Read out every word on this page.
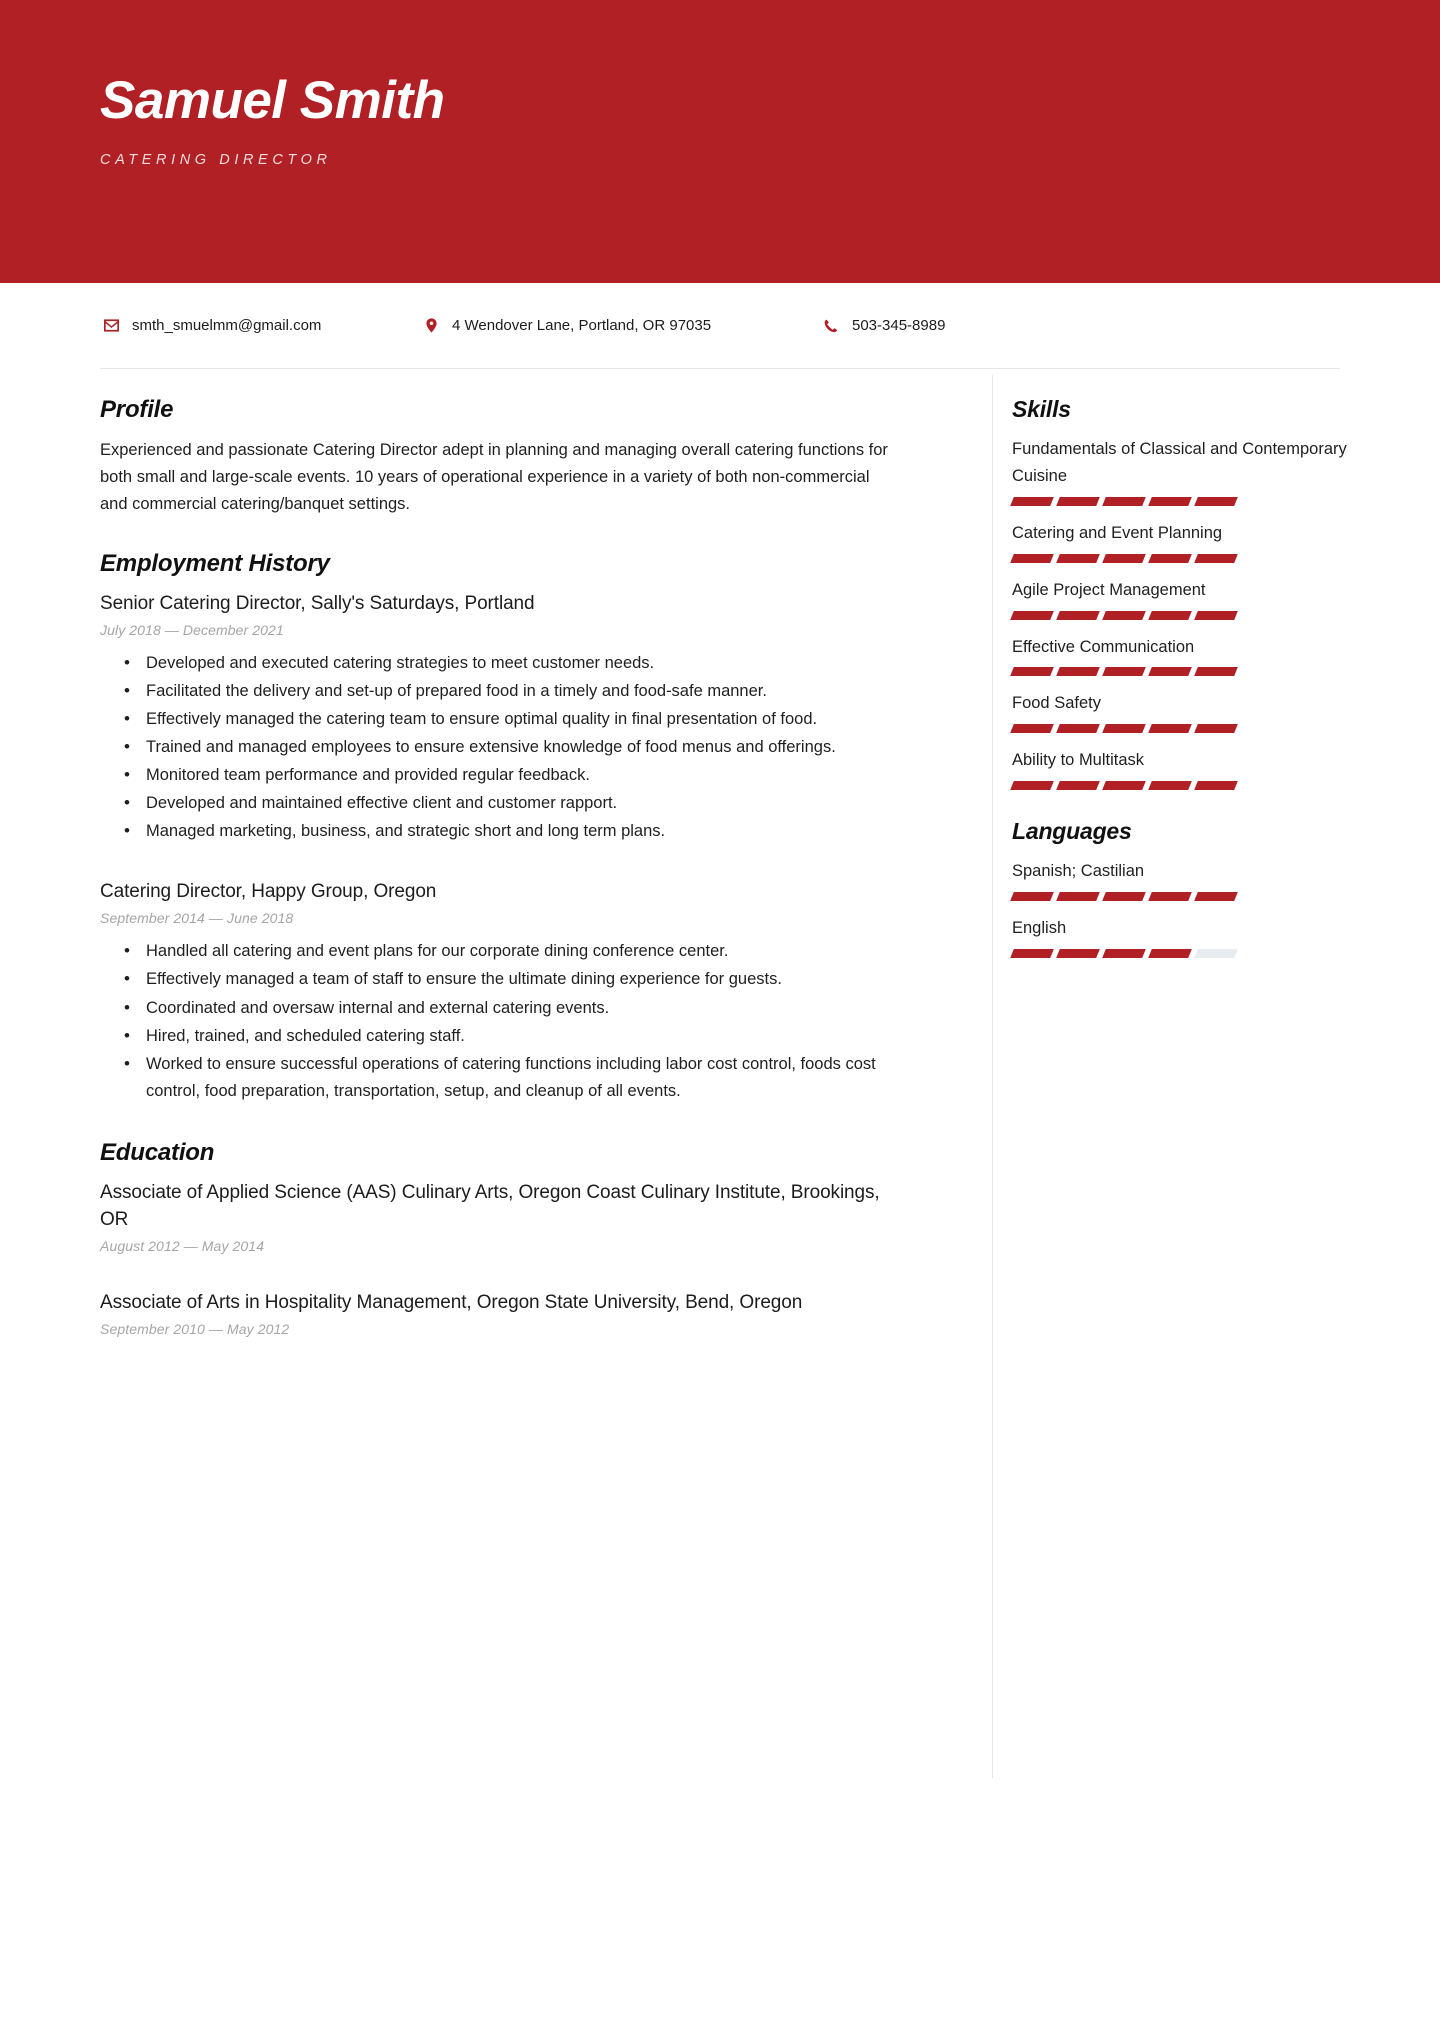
Samuel Smith
CATERING DIRECTOR
smth_smuelmm@gmail.com	4 Wendover Lane, Portland, OR 97035	503-345-8989
Profile
Experienced and passionate Catering Director adept in planning and managing overall catering functions for both small and large-scale events. 10 years of operational experience in a variety of both non-commercial and commercial catering/banquet settings.
Employment History
Senior Catering Director, Sally's Saturdays, Portland
July 2018 — December 2021
• Developed and executed catering strategies to meet customer needs.
• Facilitated the delivery and set-up of prepared food in a timely and food-safe manner.
• Effectively managed the catering team to ensure optimal quality in final presentation of food.
• Trained and managed employees to ensure extensive knowledge of food menus and offerings.
• Monitored team performance and provided regular feedback.
• Developed and maintained effective client and customer rapport.
• Managed marketing, business, and strategic short and long term plans.
Catering Director, Happy Group, Oregon
September 2014 — June 2018
• Handled all catering and event plans for our corporate dining conference center.
• Effectively managed a team of staff to ensure the ultimate dining experience for guests.
• Coordinated and oversaw internal and external catering events.
• Hired, trained, and scheduled catering staff.
• Worked to ensure successful operations of catering functions including labor cost control, foods cost control, food preparation, transportation, setup, and cleanup of all events.
Education
Associate of Applied Science (AAS) Culinary Arts, Oregon Coast Culinary Institute, Brookings, OR
August 2012 — May 2014
Associate of Arts in Hospitality Management, Oregon State University, Bend, Oregon
September 2010 — May 2012
Skills
Fundamentals of Classical and Contemporary Cuisine
Catering and Event Planning
Agile Project Management
Effective Communication
Food Safety
Ability to Multitask
Languages
Spanish; Castilian
English
